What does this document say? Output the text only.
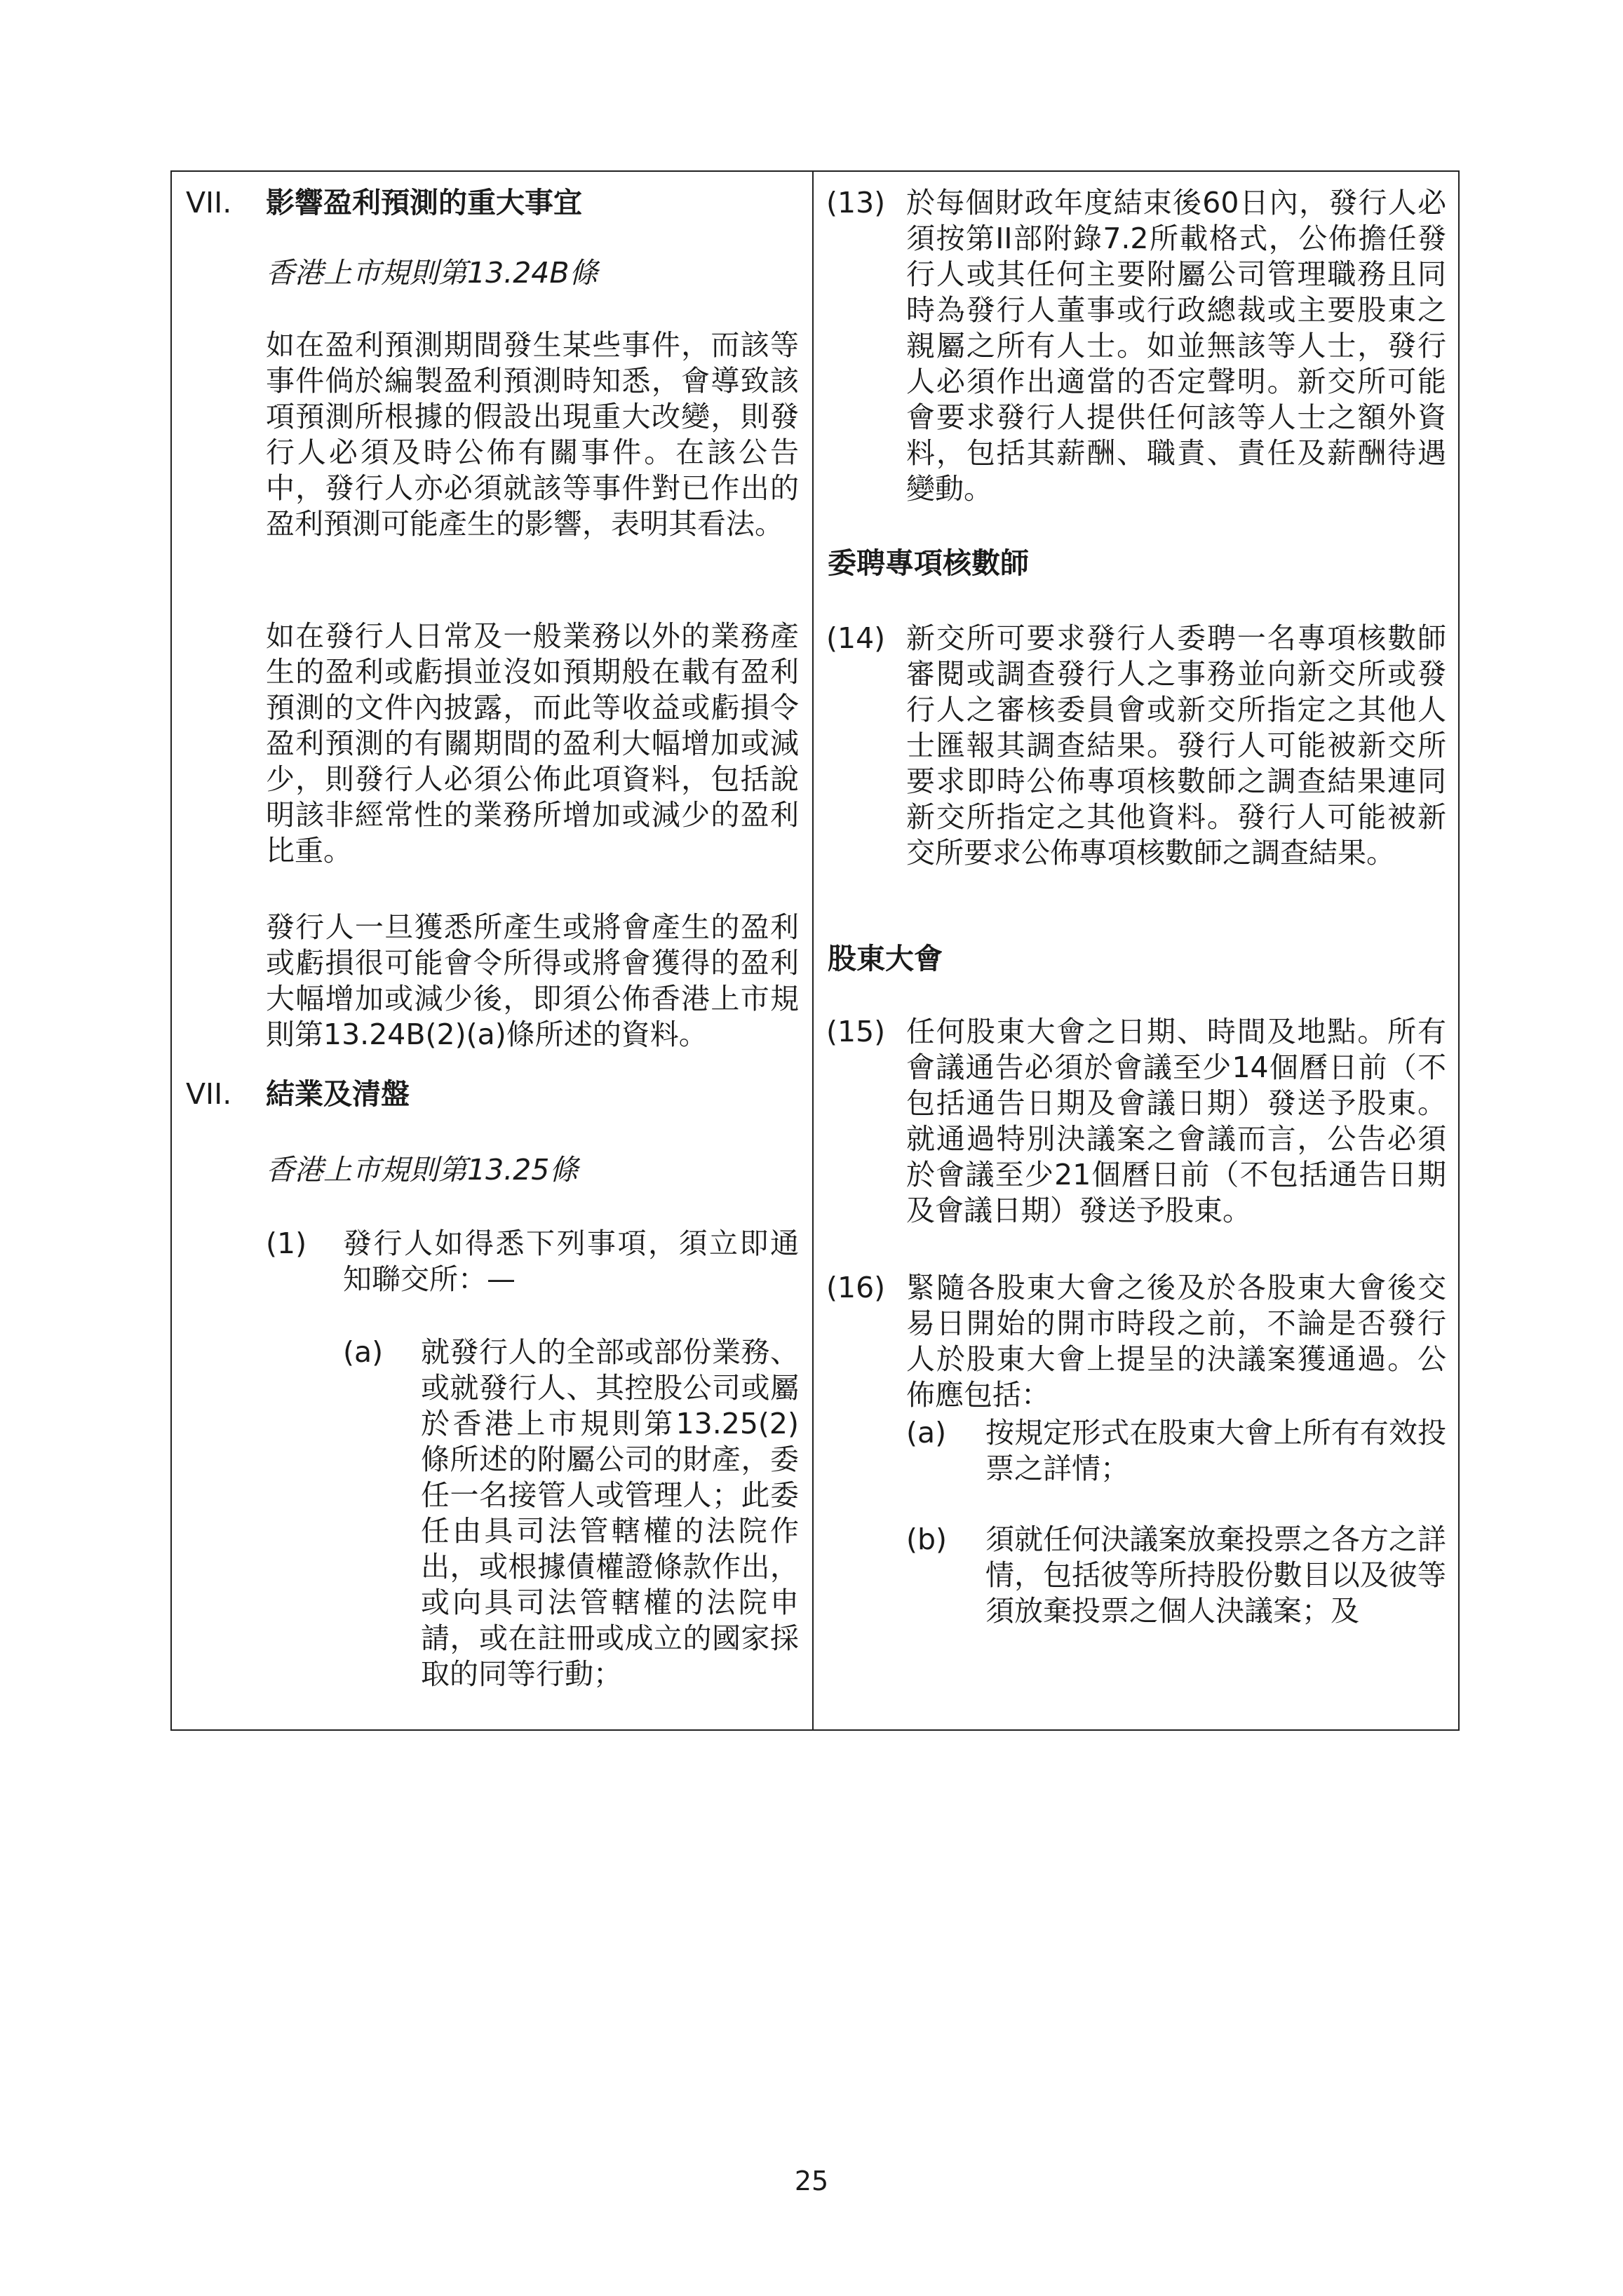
VII. 影響盈利預測的重大事宜

香港上市規則第13.24B條

如在盈利預測期間發生某些事件，而該等事件倘於編製盈利預測時知悉，會導致該項預測所根據的假設出現重大改變，則發行人必須及時公佈有關事件。在該公告中，發行人亦必須就該等事件對已作出的盈利預測可能產生的影響，表明其看法。

如在發行人日常及一般業務以外的業務產生的盈利或虧損並沒如預期般在載有盈利預測的文件內披露，而此等收益或虧損令盈利預測的有關期間的盈利大幅增加或減少，則發行人必須公佈此項資料，包括說明該非經常性的業務所增加或減少的盈利比重。

發行人一旦獲悉所產生或將會產生的盈利或虧損很可能會令所得或將會獲得的盈利大幅增加或減少後，即須公佈香港上市規則第13.24B(2)(a)條所述的資料。

VII. 結業及清盤

香港上市規則第13.25條

(1) 發行人如得悉下列事項，須立即通知聯交所：—

(a) 就發行人的全部或部份業務、或就發行人、其控股公司或屬於香港上市規則第13.25(2)條所述的附屬公司的財產，委任一名接管人或管理人；此委任由具司法管轄權的法院作出，或根據債權證條款作出，或向具司法管轄權的法院申請，或在註冊或成立的國家採取的同等行動；

(13) 於每個財政年度結束後60日內，發行人必須按第II部附錄7.2所載格式，公佈擔任發行人或其任何主要附屬公司管理職務且同時為發行人董事或行政總裁或主要股東之親屬之所有人士。如並無該等人士，發行人必須作出適當的否定聲明。新交所可能會要求發行人提供任何該等人士之額外資料，包括其薪酬、職責、責任及薪酬待遇變動。

委聘專項核數師
(14) 新交所可要求發行人委聘一名專項核數師審閱或調查發行人之事務並向新交所或發行人之審核委員會或新交所指定之其他人士匯報其調查結果。發行人可能被新交所要求即時公佈專項核數師之調查結果連同新交所指定之其他資料。發行人可能被新交所要求公佈專項核數師之調查結果。

股東大會
(15) 任何股東大會之日期、時間及地點。所有會議通告必須於會議至少14個曆日前（不包括通告日期及會議日期）發送予股東。就通過特別決議案之會議而言，公告必須於會議至少21個曆日前（不包括通告日期及會議日期）發送予股東。

(16) 緊隨各股東大會之後及於各股東大會後交易日開始的開市時段之前，不論是否發行人於股東大會上提呈的決議案獲通過。公佈應包括：

(a) 按規定形式在股東大會上所有有效投票之詳情；

(b) 須就任何決議案放棄投票之各方之詳情，包括彼等所持股份數目以及彼等須放棄投票之個人決議案；及

25
